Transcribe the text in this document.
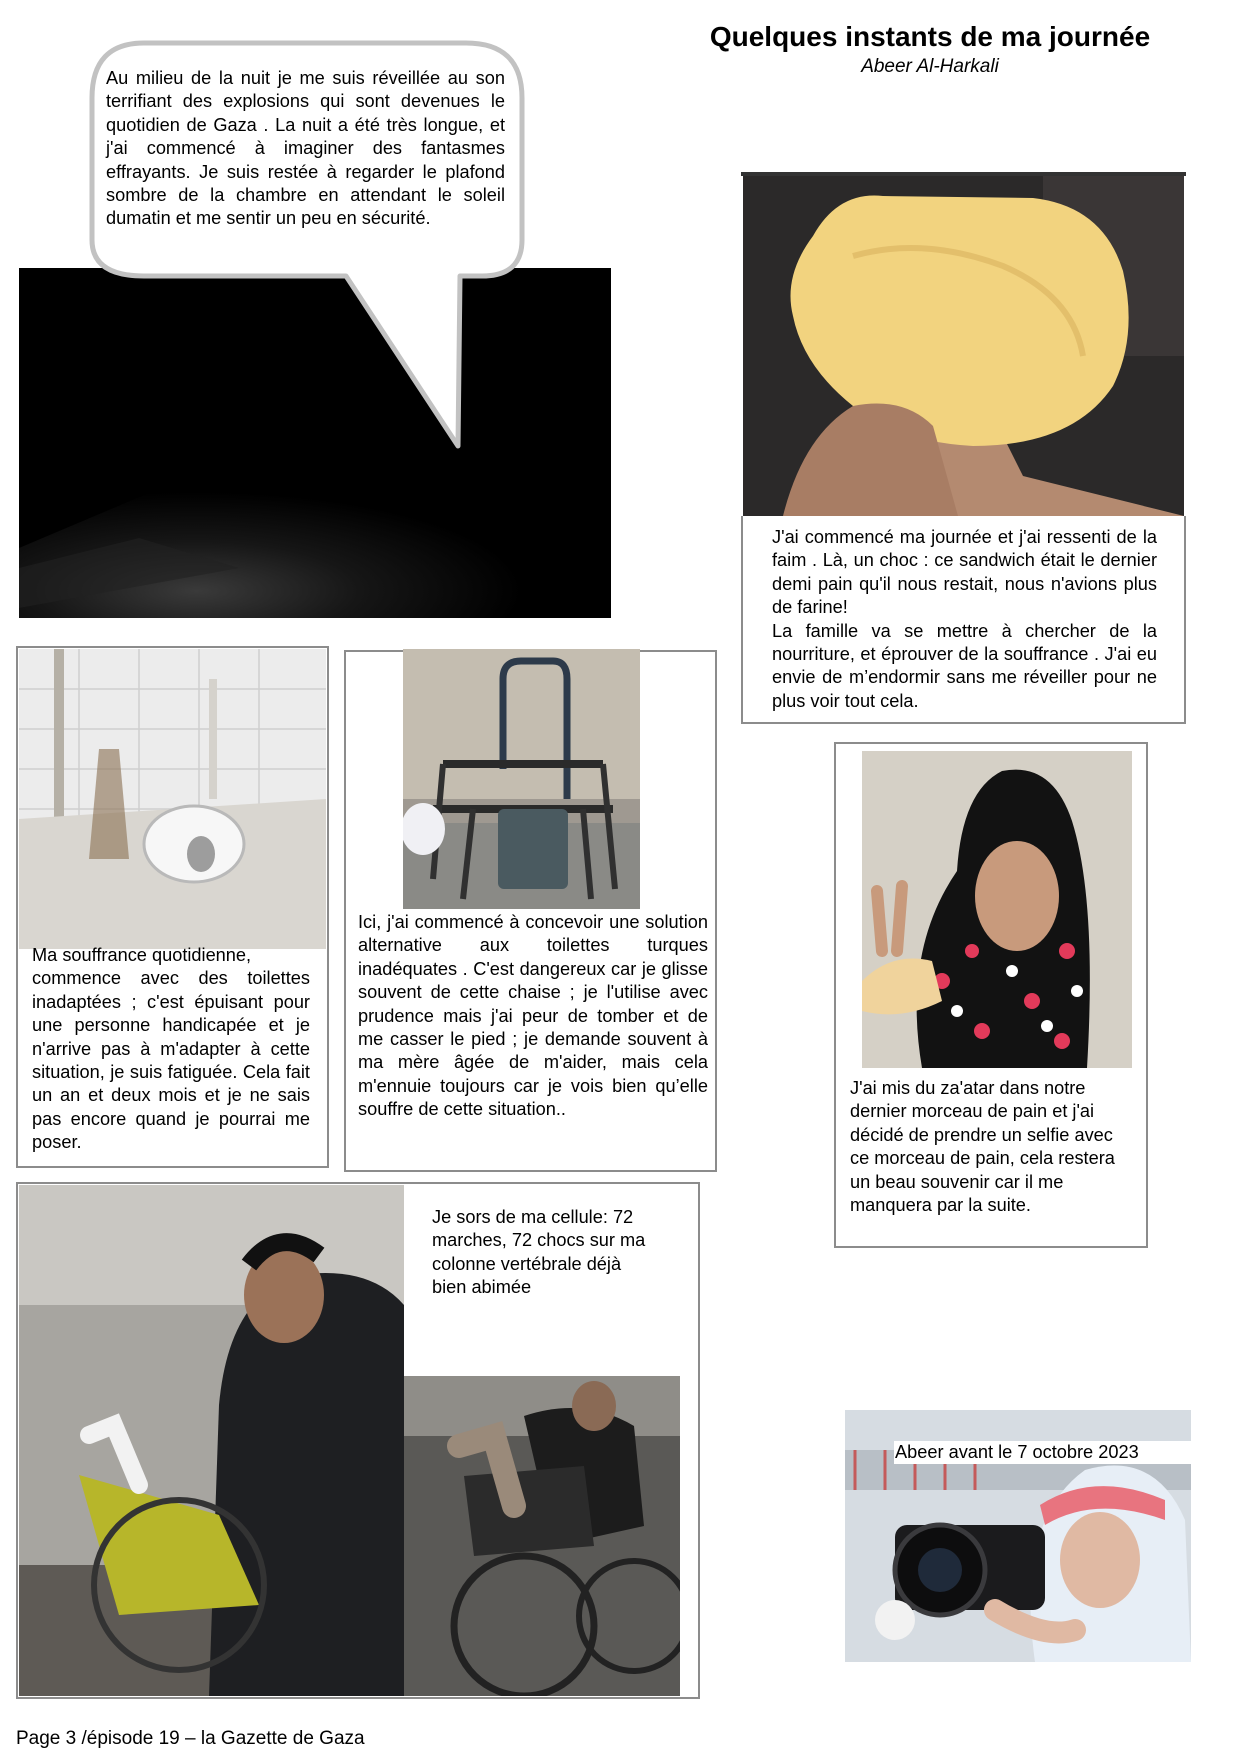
Quelques instants de ma journée
Abeer Al-Harkali
Au milieu de la nuit je me suis réveillée au son terrifiant des explosions qui sont devenues le quotidien de Gaza . La nuit a été très longue, et j'ai commencé à imaginer des fantasmes effrayants. Je suis restée à regarder le plafond sombre de la chambre en attendant le soleil dumatin et me sentir un peu en sécurité.
J'ai commencé ma journée et j'ai ressenti de la faim . Là, un choc : ce sandwich était le dernier demi pain qu'il nous restait, nous n'avions plus de farine!
La famille va se mettre à chercher de la nourriture, et éprouver de la souffrance . J'ai eu envie de m’endormir sans me réveiller pour ne plus voir tout cela.
Ma souffrance quotidienne,
commence avec des toilettes inadaptées ; c'est épuisant pour une personne handicapée et je n'arrive pas à m'adapter à cette situation, je suis fatiguée. Cela fait un an et deux mois et je ne sais pas encore quand je pourrai me poser.
Ici, j'ai commencé à concevoir une solution alternative aux toilettes turques inadéquates . C'est dangereux car je glisse souvent de cette chaise ; je l'utilise avec prudence mais j'ai peur de tomber et de me casser le pied ; je demande souvent à ma mère âgée de m'aider, mais cela m'ennuie toujours car je vois bien qu’elle souffre de cette situation..
J'ai mis du za'atar dans notre dernier morceau de pain et j'ai décidé de prendre un selfie avec ce morceau de pain, cela restera un beau souvenir car il me manquera par la suite.
Je sors de ma cellule: 72 marches, 72 chocs sur ma colonne vertébrale déjà bien abimée
Abeer avant le 7 octobre 2023
Page 3 /épisode 19 – la Gazette de Gaza
